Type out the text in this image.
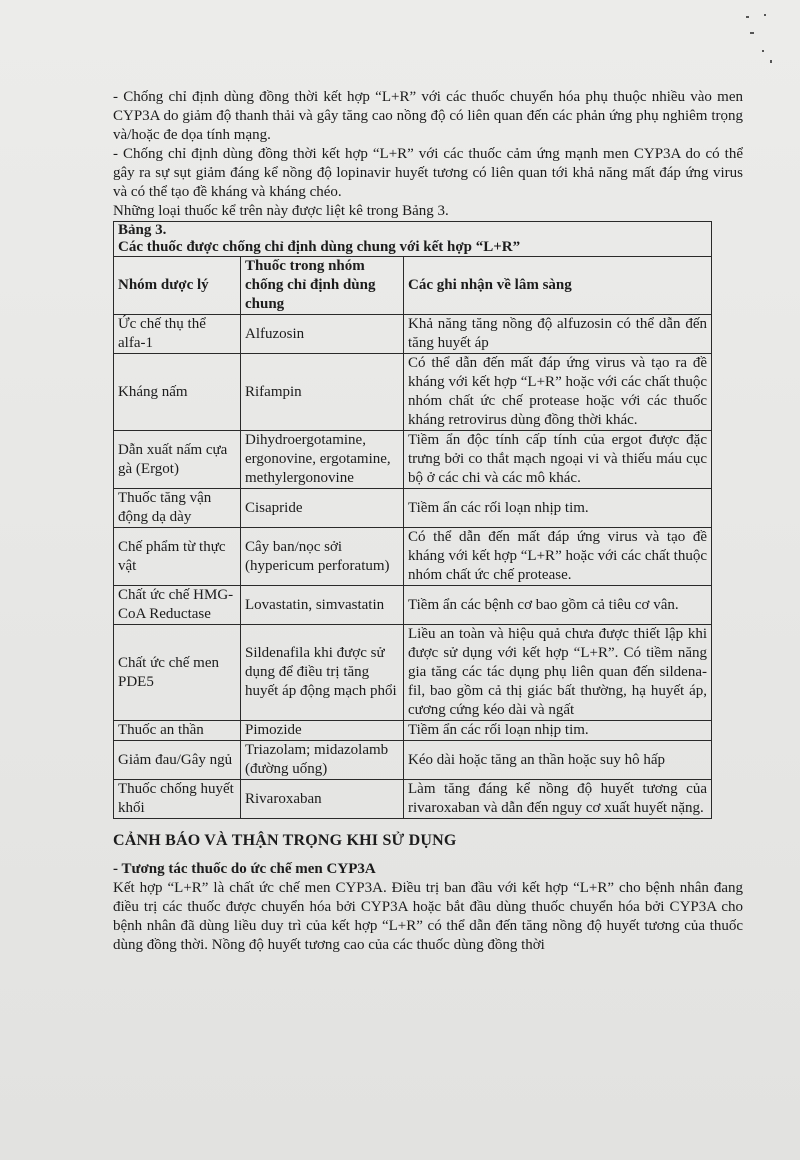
- Chống chỉ định dùng đồng thời kết hợp “L+R” với các thuốc chuyển hóa phụ thuộc nhiều vào men CYP3A do giảm độ thanh thải và gây tăng cao nồng độ có liên quan đến các phản ứng phụ nghiêm trọng và/hoặc đe dọa tính mạng.

- Chống chỉ định dùng đồng thời kết hợp “L+R” với các thuốc cảm ứng mạnh men CYP3A do có thể gây ra sự sụt giảm đáng kể nồng độ lopinavir huyết tương có liên quan tới khả năng mất đáp ứng virus và có thể tạo đề kháng và kháng chéo.

Những loại thuốc kể trên này được liệt kê trong Bảng 3.

Bảng 3.
Các thuốc được chống chỉ định dùng chung với kết hợp “L+R”		

Nhóm dược lý	Thuốc trong nhóm chống chỉ định dùng chung	Các ghi nhận về lâm sàng
Ức chế thụ thể alfa-1	Alfuzosin	Khả năng tăng nồng độ alfuzosin có thể dẫn đến tăng huyết áp
Kháng nấm	Rifampin	Có thể dẫn đến mất đáp ứng virus và tạo ra đề kháng với kết hợp “L+R” hoặc với các chất thuộc nhóm chất ức chế protease hoặc với các thuốc kháng retrovirus dùng đồng thời khác.
Dẫn xuất nấm cựa gà (Ergot)	Dihydroergotamine, ergonovine, ergotamine, methylergonovine	Tiềm ẩn độc tính cấp tính của ergot được đặc trưng bởi co thắt mạch ngoại vi và thiếu máu cục bộ ở các chi và các mô khác.
Thuốc tăng vận động dạ dày	Cisapride	Tiềm ẩn các rối loạn nhịp tim.
Chế phẩm từ thực vật	Cây ban/nọc sởi (hypericum perforatum)	Có thể dẫn đến mất đáp ứng virus và tạo đề kháng với kết hợp “L+R” hoặc với các chất thuộc nhóm chất ức chế protease.
Chất ức chế HMG-CoA Reductase	Lovastatin, simvastatin	Tiềm ẩn các bệnh cơ bao gồm cả tiêu cơ vân.
Chất ức chế men PDE5	Sildenafila khi được sử dụng để điều trị tăng huyết áp động mạch phổi	Liều an toàn và hiệu quả chưa được thiết lập khi được sử dụng với kết hợp “L+R”. Có tiềm năng gia tăng các tác dụng phụ liên quan đến sildena-fil, bao gồm cả thị giác bất thường, hạ huyết áp, cương cứng kéo dài và ngất
Thuốc an thần	Pimozide	Tiềm ẩn các rối loạn nhịp tim.
Giảm đau/Gây ngủ	Triazolam; midazolamb (đường uống)	Kéo dài hoặc tăng an thần hoặc suy hô hấp
Thuốc chống huyết khối	Rivaroxaban	Làm tăng đáng kể nồng độ huyết tương của rivaroxaban và dẫn đến nguy cơ xuất huyết nặng.
CẢNH BÁO VÀ THẬN TRỌNG KHI SỬ DỤNG

- Tương tác thuốc do ức chế men CYP3A

Kết hợp “L+R” là chất ức chế men CYP3A. Điều trị ban đầu với kết hợp “L+R” cho bệnh nhân đang điều trị các thuốc được chuyển hóa bởi CYP3A hoặc bắt đầu dùng thuốc chuyển hóa bởi CYP3A cho bệnh nhân đã dùng liều duy trì của kết hợp “L+R” có thể dẫn đến tăng nồng độ huyết tương của thuốc dùng đồng thời. Nồng độ huyết tương cao của các thuốc dùng đồng thời
